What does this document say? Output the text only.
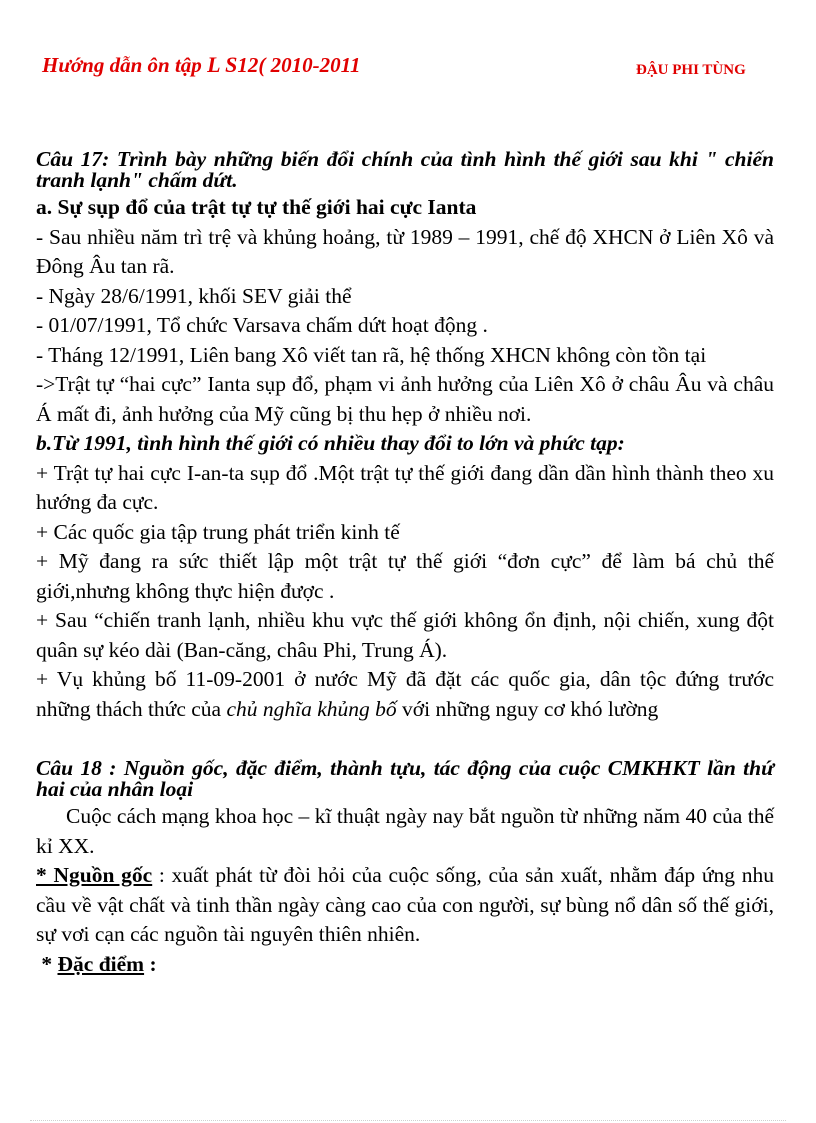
Hướng dẫn ôn tập L S12( 2010-2011	ĐẬU PHI TÙNG

Câu 17: Trình bày những biến đổi chính của tình hình thế giới sau khi " chiến tranh lạnh" chấm dứt.

a. Sự sụp đổ của trật tự tự thế giới hai cực Ianta

- Sau nhiều năm trì trệ và khủng hoảng, từ 1989 – 1991, chế độ XHCN ở Liên Xô và Đông Âu tan rã.

- Ngày 28/6/1991, khối SEV giải thể

- 01/07/1991, Tổ chức Varsava chấm dứt hoạt động .

- Tháng 12/1991, Liên bang Xô viết tan rã, hệ thống XHCN không còn tồn tại

->Trật tự “hai cực” Ianta sụp đổ, phạm vi ảnh hưởng của Liên Xô ở châu Âu và châu Á mất đi, ảnh hưởng của Mỹ cũng bị thu hẹp ở nhiều nơi.

b.Từ 1991, tình hình thế giới có nhiều thay đổi to lớn và phức tạp:

+ Trật tự hai cực I-an-ta sụp đổ .Một trật tự thế giới đang dần dần hình thành theo xu hướng đa cực.

+ Các quốc gia tập trung phát triển kinh tế

+ Mỹ đang ra sức thiết lập một trật tự thế giới “đơn cực” để làm bá chủ thế giới,nhưng không thực hiện được .

+ Sau “chiến tranh lạnh, nhiều khu vực thế giới không ổn định, nội chiến, xung đột quân sự kéo dài (Ban-căng, châu Phi, Trung Á).

+ Vụ khủng bố 11-09-2001 ở nước Mỹ đã đặt các quốc gia, dân tộc đứng trước những thách thức của chủ nghĩa khủng bố với những nguy cơ khó lường

Câu 18 : Nguồn gốc, đặc điểm, thành tựu, tác động của cuộc CMKHKT lần thứ hai của nhân loại

Cuộc cách mạng khoa học – kĩ thuật ngày nay bắt nguồn từ những năm 40 của thế kỉ XX.

* Nguồn gốc : xuất phát từ đòi hỏi của cuộc sống, của sản xuất, nhằm đáp ứng nhu cầu về vật chất và tinh thần ngày càng cao của con người, sự bùng nổ dân số thế giới, sự vơi cạn các nguồn tài nguyên thiên nhiên.

* Đặc điểm :
